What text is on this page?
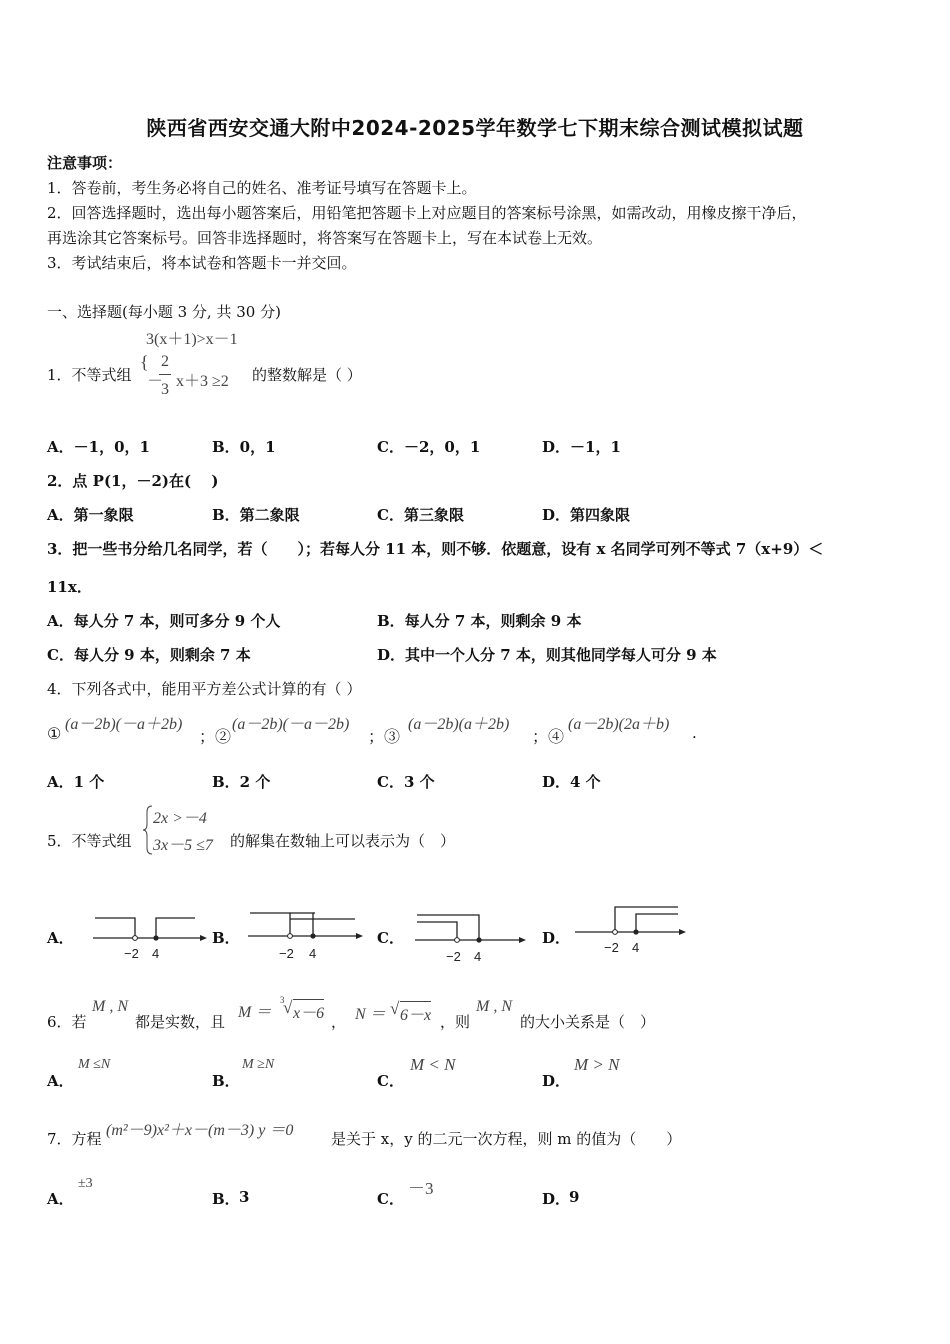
陕西省西安交通大附中2024-2025学年数学七下期末综合测试模拟试题
注意事项：
1．答卷前，考生务必将自己的姓名、准考证号填写在答题卡上。
2．回答选择题时，选出每小题答案后，用铅笔把答题卡上对应题目的答案标号涂黑，如需改动，用橡皮擦干净后，
再选涂其它答案标号。回答非选择题时，将答案写在答题卡上，写在本试卷上无效。
3．考试结束后，将本试卷和答题卡一并交回。
一、选择题(每小题 3 分, 共 30 分)
1．不等式组
{
3(x＋1)>x－1
－
2
3 x＋3 ≥2 的整数解是（ ）
A．－1，0，1	B．0，1	C．－2，0，1	D．－1，1
2．点 P(1，－2)在(　 )
A．第一象限	B．第二象限	C．第三象限	D．第四象限
3．把一些书分给几名同学，若（　　）；若每人分 11 本，则不够．依题意，设有 x 名同学可列不等式 7（x+9）＜
11x．
A．每人分 7 本，则可多分 9 个人	B．每人分 7 本，则剩余 9 本
C．每人分 9 本，则剩余 7 本	D．其中一个人分 7 本，则其他同学每人可分 9 本
4．下列各式中，能用平方差公式计算的有（ ）
① (a－2b)(－a＋2b)
；②
(a－2b)(－a－2b)
；③
(a－2b)(a＋2b)
；④
(a－2b)(2a＋b) .
A．1 个	B．2 个	C．3 个	D．4 个
5．不等式组
2x >－4
3x－5 ≤7 的解集在数轴上可以表示为（　）
A．
−2 4
B．
−2 4
C．
−2 4
D．
−2 4
6．若
M , N
都是实数，且
M ＝
3
√ x－6 ， N ＝ √ 6－x ，则
M , N
的大小关系是（　）
A．
M ≤N
B．
M ≥N
C．
M < N
D．
M > N
7．方程 (m²－9)x²＋x－(m－3) y ＝0	是关于 x，y 的二元一次方程，则 m 的值为（　　）
A．
±3
B． 3	C．
－3
D．
9
